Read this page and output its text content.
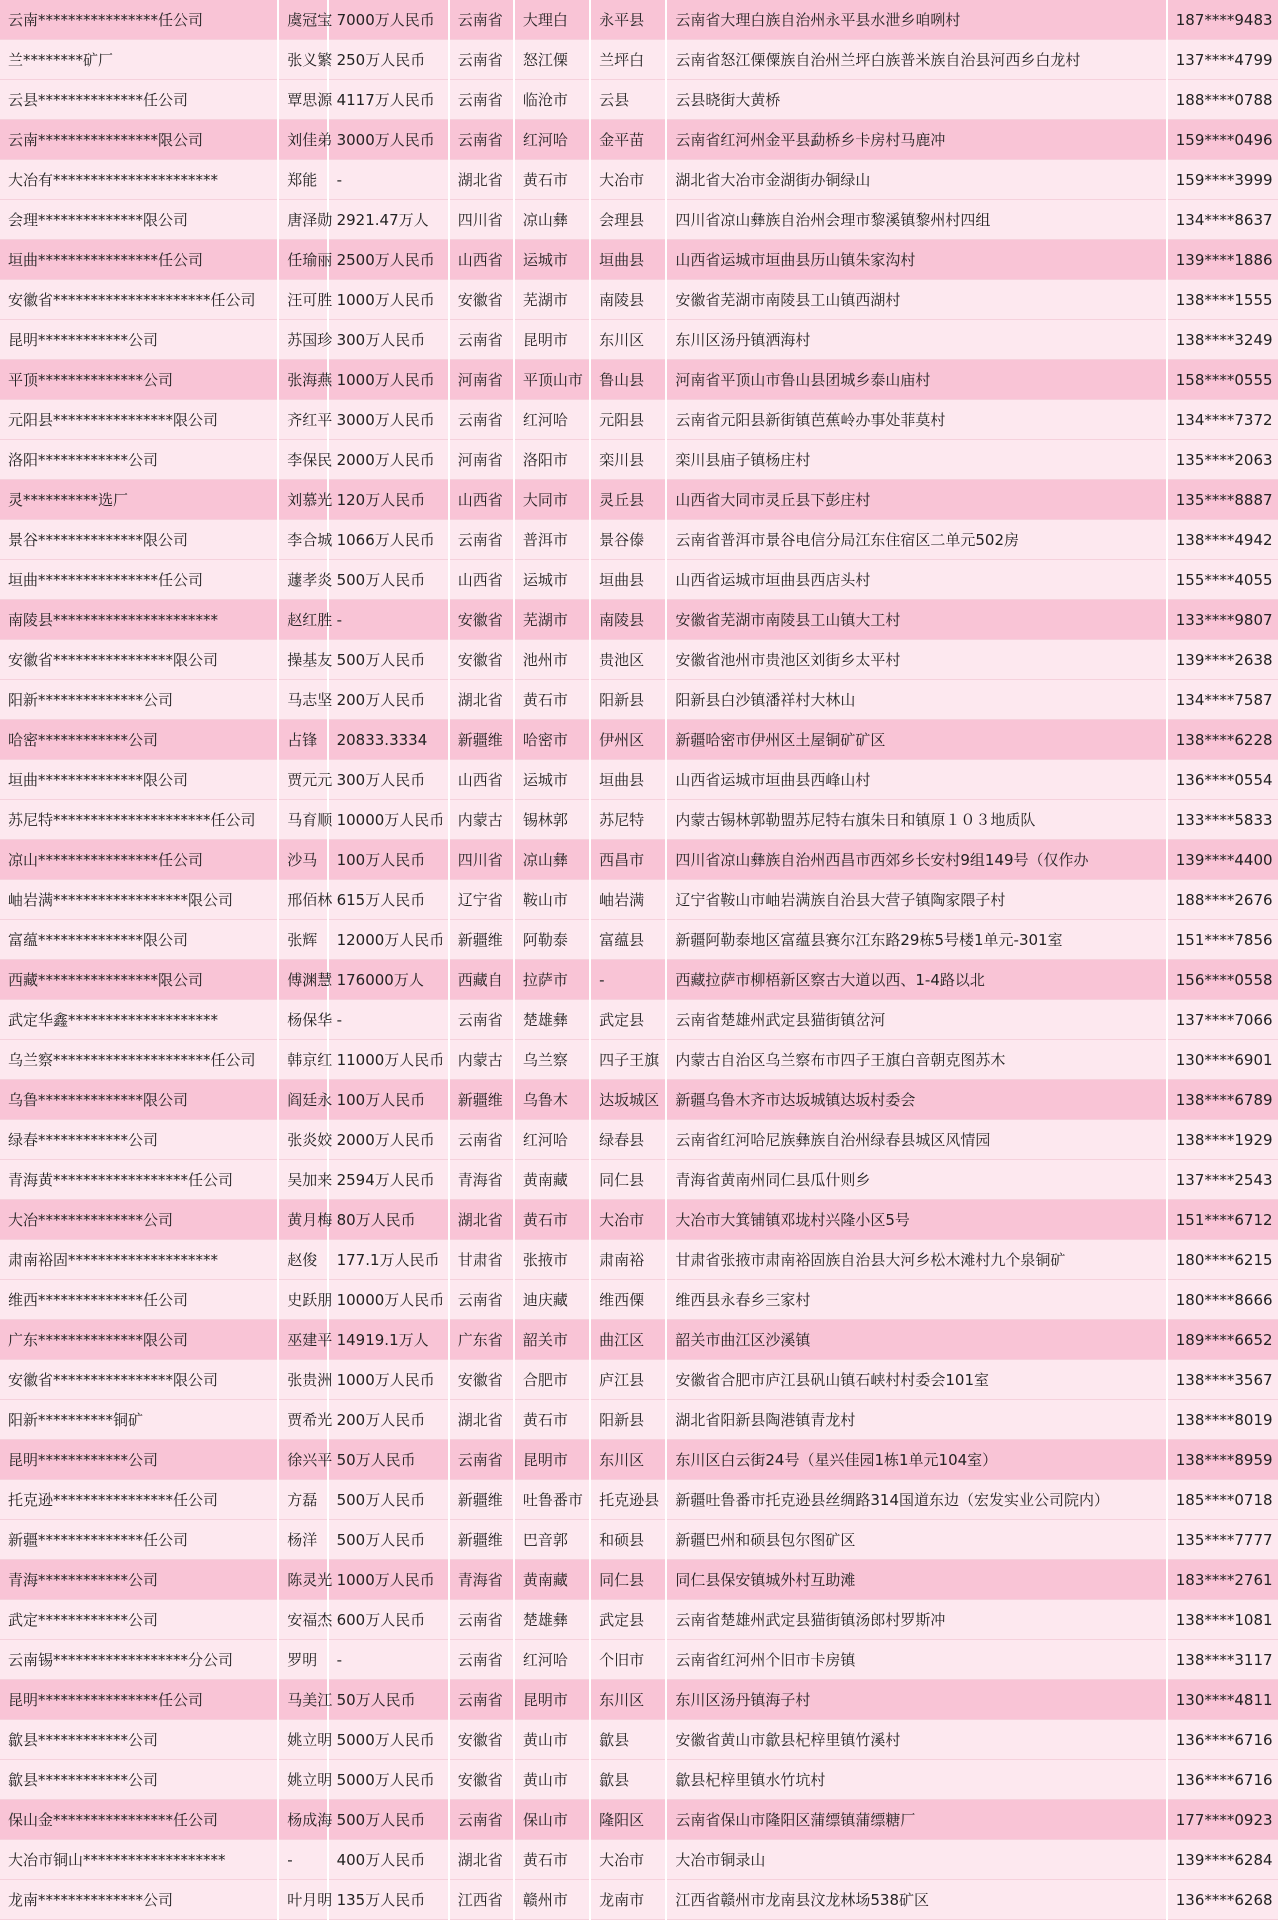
云南****************任公司	虞冠宝	7000万人民币	云南省	大理白	永平县	云南省大理白族自治州永平县水泄乡咱咧村	187****9483
兰********矿厂	张义繁	250万人民币	云南省	怒江傈	兰坪白	云南省怒江傈僳族自治州兰坪白族普米族自治县河西乡白龙村	137****4799
云县**************任公司	覃思源	4117万人民币	云南省	临沧市	云县	云县晓街大黄桥	188****0788
云南****************限公司	刘佳弟	3000万人民币	云南省	红河哈	金平苗	云南省红河州金平县勐桥乡卡房村马鹿冲	159****0496
大冶有**********************	郑能	-	湖北省	黄石市	大冶市	湖北省大冶市金湖街办铜绿山	159****3999
会理**************限公司	唐泽勋	2921.47万人	四川省	凉山彝	会理县	四川省凉山彝族自治州会理市黎溪镇黎州村四组	134****8637
垣曲****************任公司	任瑜丽	2500万人民币	山西省	运城市	垣曲县	山西省运城市垣曲县历山镇朱家沟村	139****1886
安徽省*********************任公司	汪可胜	1000万人民币	安徽省	芜湖市	南陵县	安徽省芜湖市南陵县工山镇西湖村	138****1555
昆明************公司	苏国珍	300万人民币	云南省	昆明市	东川区	东川区汤丹镇洒海村	138****3249
平顶**************公司	张海燕	1000万人民币	河南省	平顶山市	鲁山县	河南省平顶山市鲁山县团城乡泰山庙村	158****0555
元阳县****************限公司	齐红平	3000万人民币	云南省	红河哈	元阳县	云南省元阳县新街镇芭蕉岭办事处菲莫村	134****7372
洛阳************公司	李保民	2000万人民币	河南省	洛阳市	栾川县	栾川县庙子镇杨庄村	135****2063
灵**********选厂	刘慕光	120万人民币	山西省	大同市	灵丘县	山西省大同市灵丘县下彭庄村	135****8887
景谷**************限公司	李合城	1066万人民币	云南省	普洱市	景谷傣	云南省普洱市景谷电信分局江东住宿区二单元502房	138****4942
垣曲****************任公司	蘧孝炎	500万人民币	山西省	运城市	垣曲县	山西省运城市垣曲县西店头村	155****4055
南陵县**********************	赵红胜	-	安徽省	芜湖市	南陵县	安徽省芜湖市南陵县工山镇大工村	133****9807
安徽省****************限公司	操基友	500万人民币	安徽省	池州市	贵池区	安徽省池州市贵池区刘街乡太平村	139****2638
阳新**************公司	马志坚	200万人民币	湖北省	黄石市	阳新县	阳新县白沙镇潘祥村大林山	134****7587
哈密************公司	占锋	20833.3334	新疆维	哈密市	伊州区	新疆哈密市伊州区土屋铜矿矿区	138****6228
垣曲**************限公司	贾元元	300万人民币	山西省	运城市	垣曲县	山西省运城市垣曲县西峰山村	136****0554
苏尼特*********************任公司	马育顺	10000万人民币	内蒙古	锡林郭	苏尼特	内蒙古锡林郭勒盟苏尼特右旗朱日和镇原１０３地质队	133****5833
凉山****************任公司	沙马	100万人民币	四川省	凉山彝	西昌市	四川省凉山彝族自治州西昌市西郊乡长安村9组149号（仅作办	139****4400
岫岩满******************限公司	邢佰林	615万人民币	辽宁省	鞍山市	岫岩满	辽宁省鞍山市岫岩满族自治县大营子镇陶家隈子村	188****2676
富蕴**************限公司	张辉	12000万人民币	新疆维	阿勒泰	富蕴县	新疆阿勒泰地区富蕴县赛尔江东路29栋5号楼1单元-301室	151****7856
西藏****************限公司	傅渊慧	176000万人	西藏自	拉萨市	-	西藏拉萨市柳梧新区察古大道以西、1-4路以北	156****0558
武定华鑫********************	杨保华	-	云南省	楚雄彝	武定县	云南省楚雄州武定县猫街镇岔河	137****7066
乌兰察*********************任公司	韩京红	11000万人民币	内蒙古	乌兰察	四子王旗	内蒙古自治区乌兰察布市四子王旗白音朝克图苏木	130****6901
乌鲁**************限公司	阎廷永	100万人民币	新疆维	乌鲁木	达坂城区	新疆乌鲁木齐市达坂城镇达坂村委会	138****6789
绿春************公司	张炎姣	2000万人民币	云南省	红河哈	绿春县	云南省红河哈尼族彝族自治州绿春县城区风情园	138****1929
青海黄******************任公司	吴加来	2594万人民币	青海省	黄南藏	同仁县	青海省黄南州同仁县瓜什则乡	137****2543
大冶**************公司	黄月梅	80万人民币	湖北省	黄石市	大冶市	大冶市大箕铺镇邓垅村兴隆小区5号	151****6712
肃南裕固********************	赵俊	177.1万人民币	甘肃省	张掖市	肃南裕	甘肃省张掖市肃南裕固族自治县大河乡松木滩村九个泉铜矿	180****6215
维西**************任公司	史跃朋	10000万人民币	云南省	迪庆藏	维西傈	维西县永春乡三家村	180****8666
广东**************限公司	巫建平	14919.1万人	广东省	韶关市	曲江区	韶关市曲江区沙溪镇	189****6652
安徽省****************限公司	张贵洲	1000万人民币	安徽省	合肥市	庐江县	安徽省合肥市庐江县矾山镇石峡村村委会101室	138****3567
阳新**********铜矿	贾希光	200万人民币	湖北省	黄石市	阳新县	湖北省阳新县陶港镇青龙村	138****8019
昆明************公司	徐兴平	50万人民币	云南省	昆明市	东川区	东川区白云街24号（星兴佳园1栋1单元104室）	138****8959
托克逊****************任公司	方磊	500万人民币	新疆维	吐鲁番市	托克逊县	新疆吐鲁番市托克逊县丝绸路314国道东边（宏发实业公司院内）	185****0718
新疆**************任公司	杨洋	500万人民币	新疆维	巴音郭	和硕县	新疆巴州和硕县包尔图矿区	135****7777
青海************公司	陈灵光	1000万人民币	青海省	黄南藏	同仁县	同仁县保安镇城外村互助滩	183****2761
武定************公司	安福杰	600万人民币	云南省	楚雄彝	武定县	云南省楚雄州武定县猫街镇汤郎村罗斯冲	138****1081
云南锡******************分公司	罗明	-	云南省	红河哈	个旧市	云南省红河州个旧市卡房镇	138****3117
昆明****************任公司	马美江	50万人民币	云南省	昆明市	东川区	东川区汤丹镇海子村	130****4811
歙县************公司	姚立明	5000万人民币	安徽省	黄山市	歙县	安徽省黄山市歙县杞梓里镇竹溪村	136****6716
歙县************公司	姚立明	5000万人民币	安徽省	黄山市	歙县	歙县杞梓里镇水竹坑村	136****6716
保山金****************任公司	杨成海	500万人民币	云南省	保山市	隆阳区	云南省保山市隆阳区蒲缥镇蒲缥糖厂	177****0923
大冶市铜山*******************	-	400万人民币	湖北省	黄石市	大冶市	大冶市铜录山	139****6284
龙南**************公司	叶月明	135万人民币	江西省	赣州市	龙南市	江西省赣州市龙南县汶龙林场538矿区	136****6268
